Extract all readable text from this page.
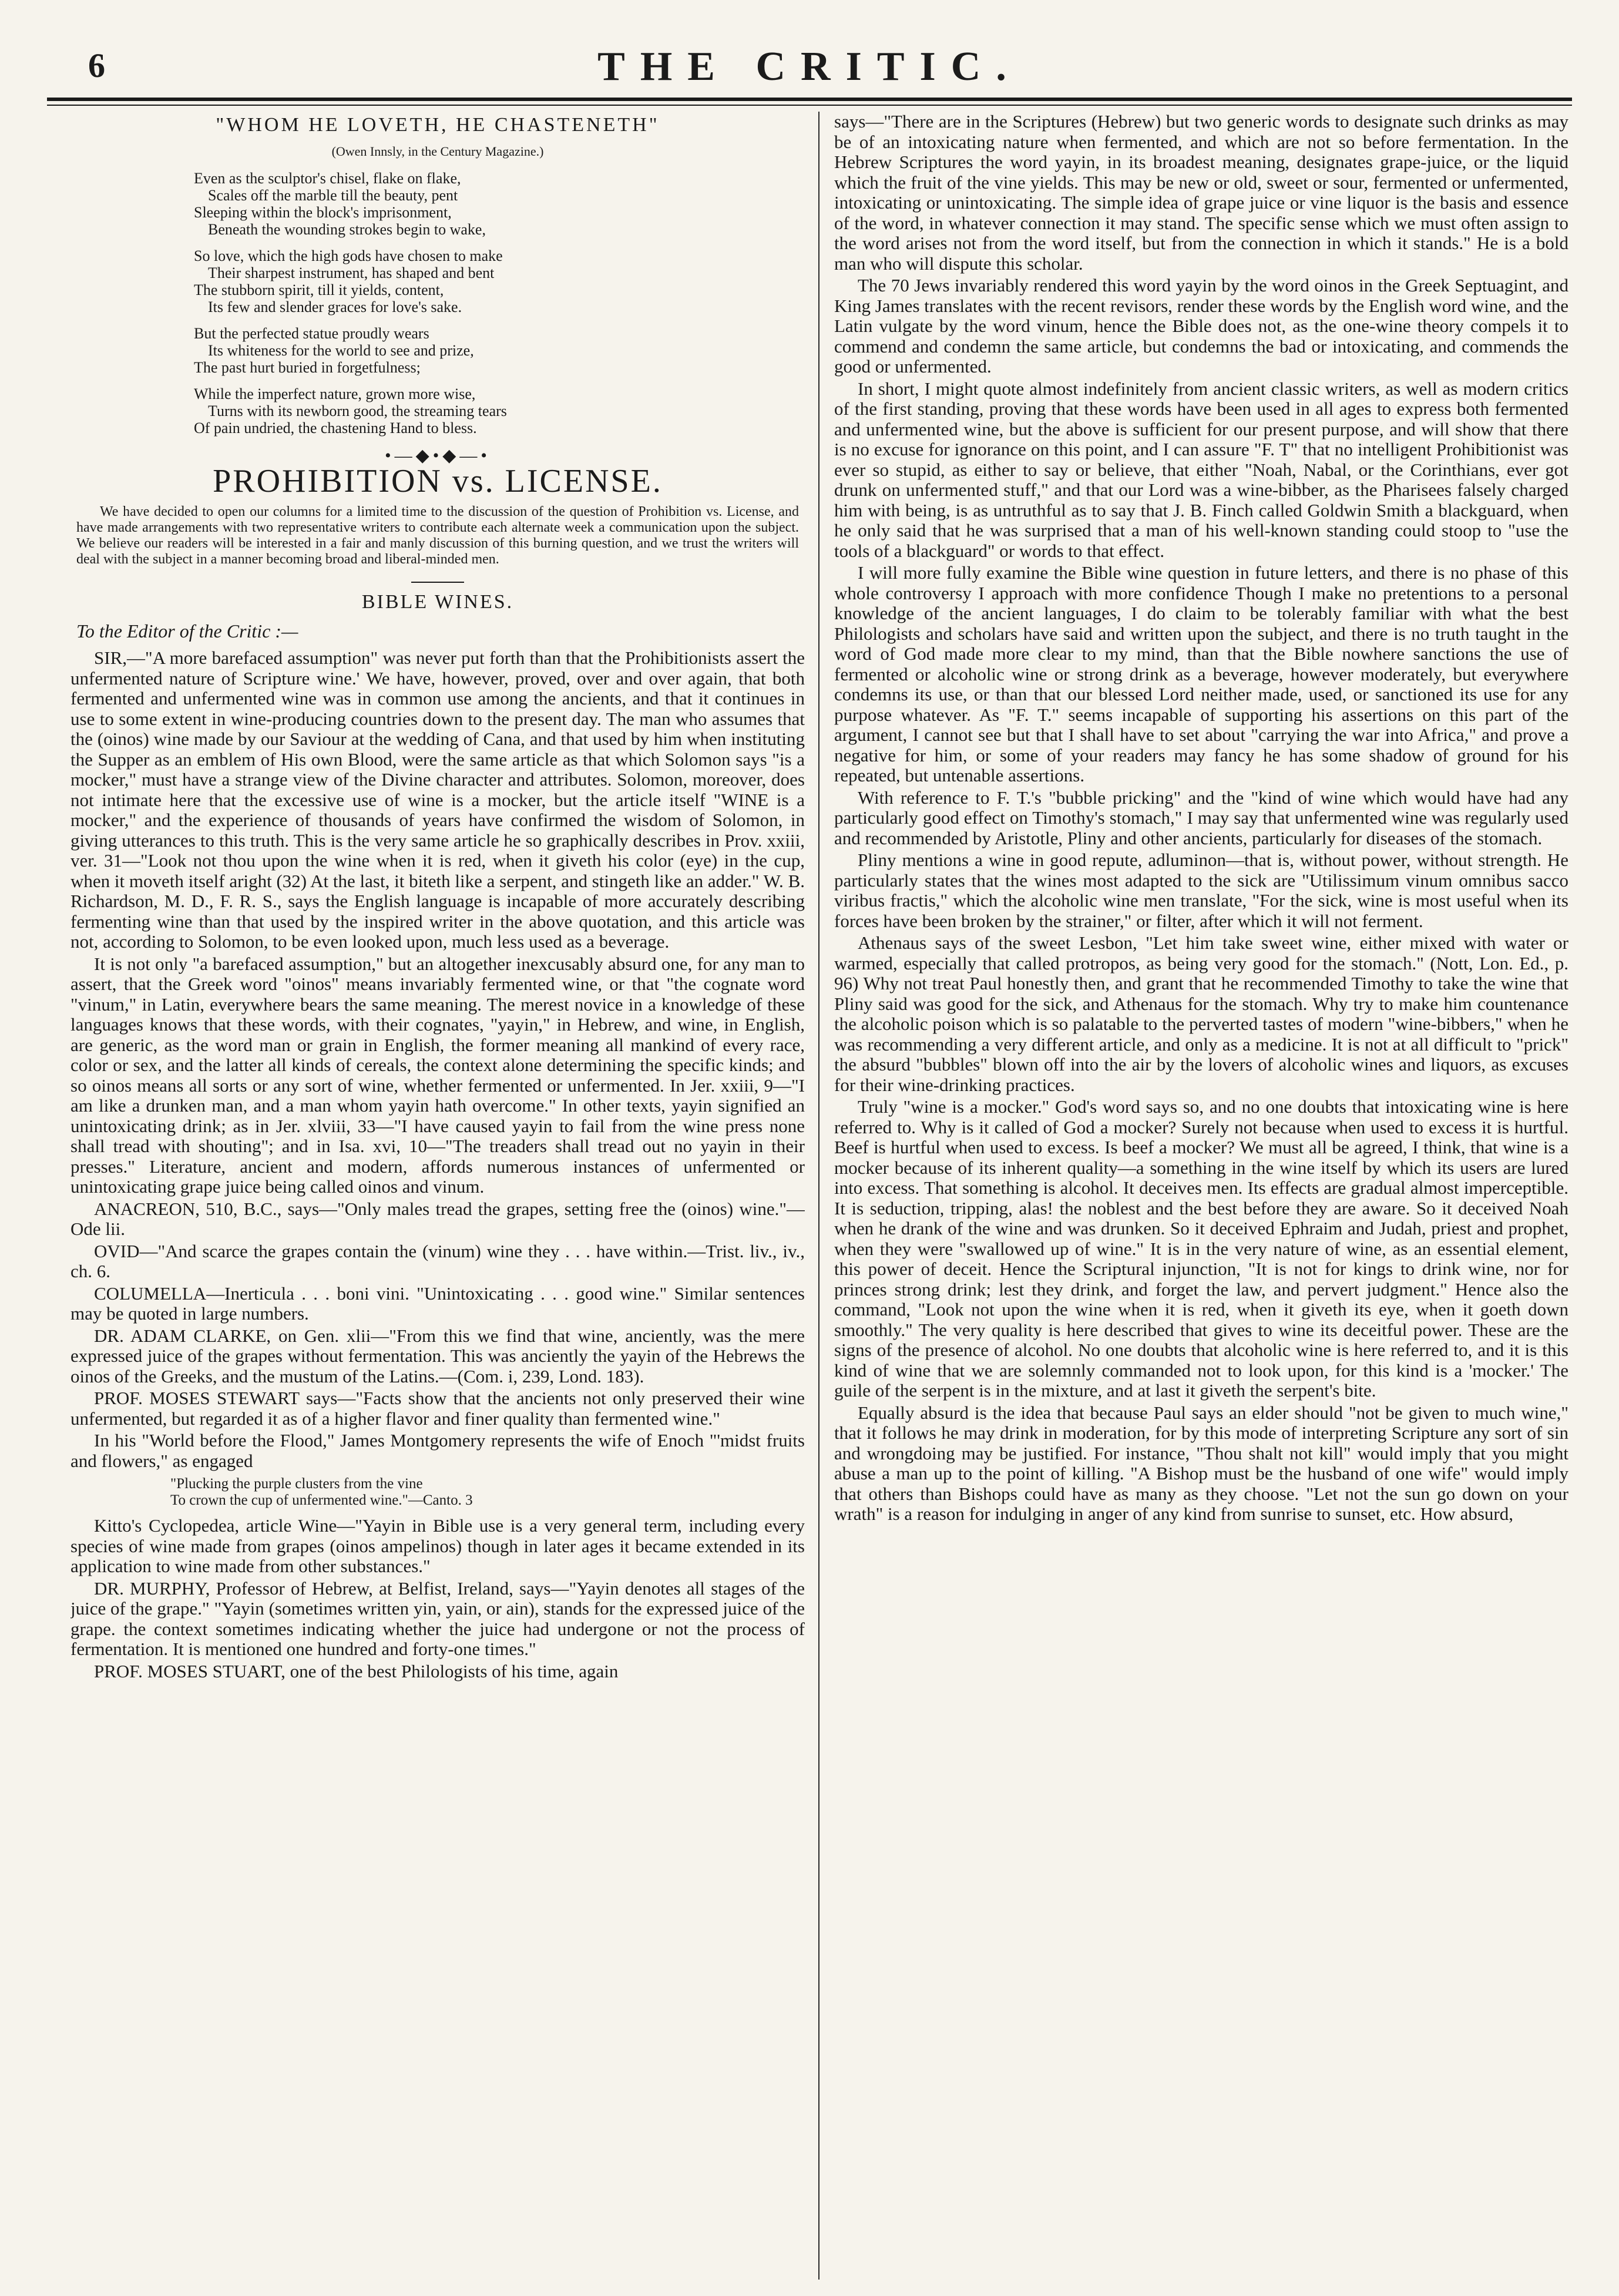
6	THE CRITIC.
"WHOM HE LOVETH, HE CHASTENETH"
(Owen Innsly, in the Century Magazine.)
Even as the sculptor's chisel, flake on flake,
Scales off the marble till the beauty, pent
Sleeping within the block's imprisonment,
Beneath the wounding strokes begin to wake,
So love, which the high gods have chosen to make
Their sharpest instrument, has shaped and bent
The stubborn spirit, till it yields, content,
Its few and slender graces for love's sake.
But the perfected statue proudly wears
Its whiteness for the world to see and prize,
The past hurt buried in forgetfulness;
While the imperfect nature, grown more wise,
Turns with its newborn good, the streaming tears
Of pain undried, the chastening Hand to bless.
•—◆•◆—•
PROHIBITION vs. LICENSE.
We have decided to open our columns for a limited time to the discussion of the question of Prohibition vs. License, and have made arrangements with two representative writers to contribute each alternate week a communication upon the subject. We believe our readers will be interested in a fair and manly discussion of this burning question, and we trust the writers will deal with the subject in a manner becoming broad and liberal-minded men.
BIBLE WINES.

To the Editor of the Critic :—

SIR,—"A more barefaced assumption" was never put forth than that the Prohibitionists assert the unfermented nature of Scripture wine.' We have, however, proved, over and over again, that both fermented and unfermented wine was in common use among the ancients, and that it continues in use to some extent in wine-producing countries down to the present day. The man who assumes that the (oinos) wine made by our Saviour at the wedding of Cana, and that used by him when instituting the Supper as an emblem of His own Blood, were the same article as that which Solomon says "is a mocker," must have a strange view of the Divine character and attributes. Solomon, moreover, does not intimate here that the excessive use of wine is a mocker, but the article itself "WINE is a mocker," and the experience of thousands of years have confirmed the wisdom of Solomon, in giving utterances to this truth. This is the very same article he so graphically describes in Prov. xxiii, ver. 31—"Look not thou upon the wine when it is red, when it giveth his color (eye) in the cup, when it moveth itself aright (32) At the last, it biteth like a serpent, and stingeth like an adder." W. B. Richardson, M. D., F. R. S., says the English language is incapable of more accurately describing fermenting wine than that used by the inspired writer in the above quotation, and this article was not, according to Solomon, to be even looked upon, much less used as a beverage.

It is not only "a barefaced assumption," but an altogether inexcusably absurd one, for any man to assert, that the Greek word "oinos" means invariably fermented wine, or that "the cognate word "vinum," in Latin, everywhere bears the same meaning. The merest novice in a knowledge of these languages knows that these words, with their cognates, "yayin," in Hebrew, and wine, in English, are generic, as the word man or grain in English, the former meaning all mankind of every race, color or sex, and the latter all kinds of cereals, the context alone determining the specific kinds; and so oinos means all sorts or any sort of wine, whether fermented or unfermented. In Jer. xxiii, 9—"I am like a drunken man, and a man whom yayin hath overcome." In other texts, yayin signified an unintoxicating drink; as in Jer. xlviii, 33—"I have caused yayin to fail from the wine press none shall tread with shouting"; and in Isa. xvi, 10—"The treaders shall tread out no yayin in their presses." Literature, ancient and modern, affords numerous instances of unfermented or unintoxicating grape juice being called oinos and vinum.

ANACREON, 510, B.C., says—"Only males tread the grapes, setting free the (oinos) wine."—Ode lii.

OVID—"And scarce the grapes contain the (vinum) wine they . . . have within.—Trist. liv., iv., ch. 6.

COLUMELLA—Inerticula . . . boni vini. "Unintoxicating . . . good wine." Similar sentences may be quoted in large numbers.

DR. ADAM CLARKE, on Gen. xlii—"From this we find that wine, anciently, was the mere expressed juice of the grapes without fermentation. This was anciently the yayin of the Hebrews the oinos of the Greeks, and the mustum of the Latins.—(Com. i, 239, Lond. 183).

PROF. MOSES STEWART says—"Facts show that the ancients not only preserved their wine unfermented, but regarded it as of a higher flavor and finer quality than fermented wine."

In his "World before the Flood," James Montgomery represents the wife of Enoch "'midst fruits and flowers," as engaged

"Plucking the purple clusters from the vine
To crown the cup of unfermented wine."—Canto. 3

Kitto's Cyclopedea, article Wine—"Yayin in Bible use is a very general term, including every species of wine made from grapes (oinos ampelinos) though in later ages it became extended in its application to wine made from other substances."

DR. MURPHY, Professor of Hebrew, at Belfist, Ireland, says—"Yayin denotes all stages of the juice of the grape." "Yayin (sometimes written yin, yain, or ain), stands for the expressed juice of the grape. the context sometimes indicating whether the juice had undergone or not the process of fermentation. It is mentioned one hundred and forty-one times."

PROF. MOSES STUART, one of the best Philologists of his time, again

says—"There are in the Scriptures (Hebrew) but two generic words to designate such drinks as may be of an intoxicating nature when fermented, and which are not so before fermentation. In the Hebrew Scriptures the word yayin, in its broadest meaning, designates grape-juice, or the liquid which the fruit of the vine yields. This may be new or old, sweet or sour, fermented or unfermented, intoxicating or unintoxicating. The simple idea of grape juice or vine liquor is the basis and essence of the word, in whatever connection it may stand. The specific sense which we must often assign to the word arises not from the word itself, but from the connection in which it stands." He is a bold man who will dispute this scholar.

The 70 Jews invariably rendered this word yayin by the word oinos in the Greek Septuagint, and King James translates with the recent revisors, render these words by the English word wine, and the Latin vulgate by the word vinum, hence the Bible does not, as the one-wine theory compels it to commend and condemn the same article, but condemns the bad or intoxicating, and commends the good or unfermented.

In short, I might quote almost indefinitely from ancient classic writers, as well as modern critics of the first standing, proving that these words have been used in all ages to express both fermented and unfermented wine, but the above is sufficient for our present purpose, and will show that there is no excuse for ignorance on this point, and I can assure "F. T" that no intelligent Prohibitionist was ever so stupid, as either to say or believe, that either "Noah, Nabal, or the Corinthians, ever got drunk on unfermented stuff," and that our Lord was a wine-bibber, as the Pharisees falsely charged him with being, is as untruthful as to say that J. B. Finch called Goldwin Smith a blackguard, when he only said that he was surprised that a man of his well-known standing could stoop to "use the tools of a blackguard" or words to that effect.

I will more fully examine the Bible wine question in future letters, and there is no phase of this whole controversy I approach with more confidence Though I make no pretentions to a personal knowledge of the ancient languages, I do claim to be tolerably familiar with what the best Philologists and scholars have said and written upon the subject, and there is no truth taught in the word of God made more clear to my mind, than that the Bible nowhere sanctions the use of fermented or alcoholic wine or strong drink as a beverage, however moderately, but everywhere condemns its use, or than that our blessed Lord neither made, used, or sanctioned its use for any purpose whatever. As "F. T." seems incapable of supporting his assertions on this part of the argument, I cannot see but that I shall have to set about "carrying the war into Africa," and prove a negative for him, or some of your readers may fancy he has some shadow of ground for his repeated, but untenable assertions.

With reference to F. T.'s "bubble pricking" and the "kind of wine which would have had any particularly good effect on Timothy's stomach," I may say that unfermented wine was regularly used and recommended by Aristotle, Pliny and other ancients, particularly for diseases of the stomach.

Pliny mentions a wine in good repute, adluminon—that is, without power, without strength. He particularly states that the wines most adapted to the sick are "Utilissimum vinum omnibus sacco viribus fractis," which the alcoholic wine men translate, "For the sick, wine is most useful when its forces have been broken by the strainer," or filter, after which it will not ferment.

Athenaus says of the sweet Lesbon, "Let him take sweet wine, either mixed with water or warmed, especially that called protropos, as being very good for the stomach." (Nott, Lon. Ed., p. 96) Why not treat Paul honestly then, and grant that he recommended Timothy to take the wine that Pliny said was good for the sick, and Athenaus for the stomach. Why try to make him countenance the alcoholic poison which is so palatable to the perverted tastes of modern "wine-bibbers," when he was recommending a very different article, and only as a medicine. It is not at all difficult to "prick" the absurd "bubbles" blown off into the air by the lovers of alcoholic wines and liquors, as excuses for their wine-drinking practices.

Truly "wine is a mocker." God's word says so, and no one doubts that intoxicating wine is here referred to. Why is it called of God a mocker? Surely not because when used to excess it is hurtful. Beef is hurtful when used to excess. Is beef a mocker? We must all be agreed, I think, that wine is a mocker because of its inherent quality—a something in the wine itself by which its users are lured into excess. That something is alcohol. It deceives men. Its effects are gradual almost imperceptible. It is seduction, tripping, alas! the noblest and the best before they are aware. So it deceived Noah when he drank of the wine and was drunken. So it deceived Ephraim and Judah, priest and prophet, when they were "swallowed up of wine." It is in the very nature of wine, as an essential element, this power of deceit. Hence the Scriptural injunction, "It is not for kings to drink wine, nor for princes strong drink; lest they drink, and forget the law, and pervert judgment." Hence also the command, "Look not upon the wine when it is red, when it giveth its eye, when it goeth down smoothly." The very quality is here described that gives to wine its deceitful power. These are the signs of the presence of alcohol. No one doubts that alcoholic wine is here referred to, and it is this kind of wine that we are solemnly commanded not to look upon, for this kind is a 'mocker.' The guile of the serpent is in the mixture, and at last it giveth the serpent's bite.

Equally absurd is the idea that because Paul says an elder should "not be given to much wine," that it follows he may drink in moderation, for by this mode of interpreting Scripture any sort of sin and wrongdoing may be justified. For instance, "Thou shalt not kill" would imply that you might abuse a man up to the point of killing. "A Bishop must be the husband of one wife" would imply that others than Bishops could have as many as they choose. "Let not the sun go down on your wrath" is a reason for indulging in anger of any kind from sunrise to sunset, etc. How absurd,
